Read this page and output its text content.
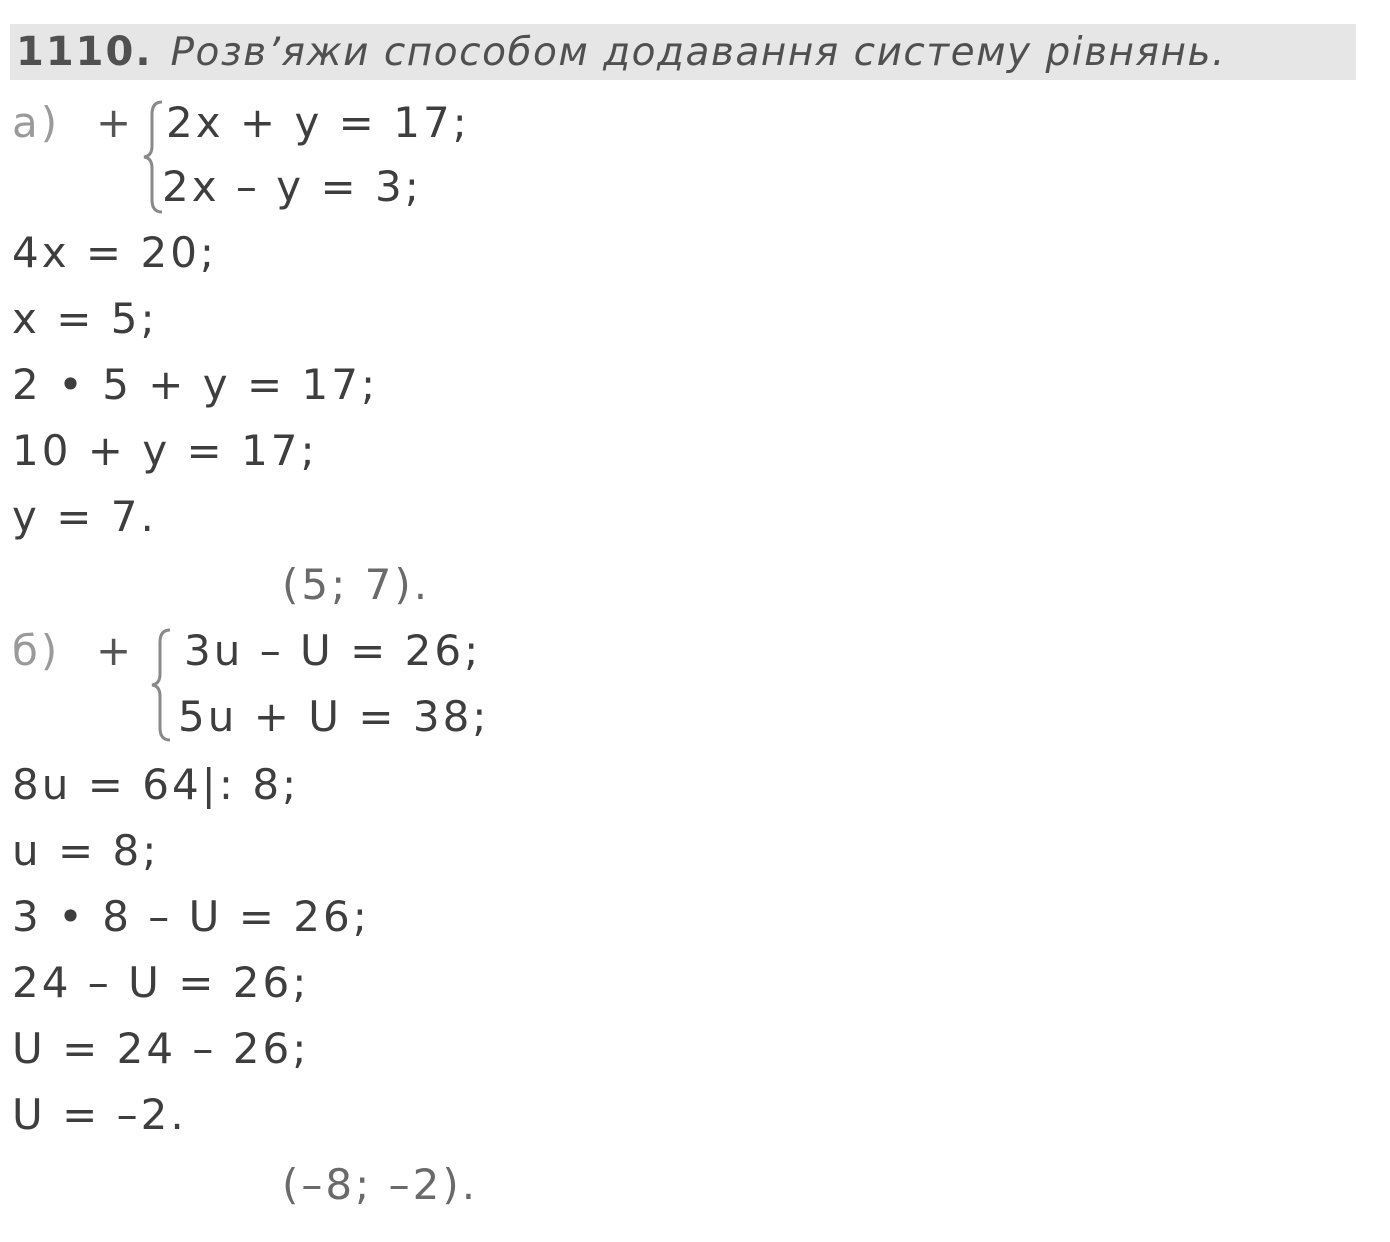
1110. Розв’яжи способом додавання систему рівнянь.
а) + 2x + y = 17;
2x – y = 3;
4x = 20;
x = 5;
2 • 5 + y = 17;
10 + y = 17;
y = 7.
(5; 7).
б) + 3u – U = 26;
5u + U = 38;
8u = 64|: 8;
u = 8;
3 • 8 – U = 26;
24 – U = 26;
U = 24 – 26;
U = –2.
(–8; –2).
